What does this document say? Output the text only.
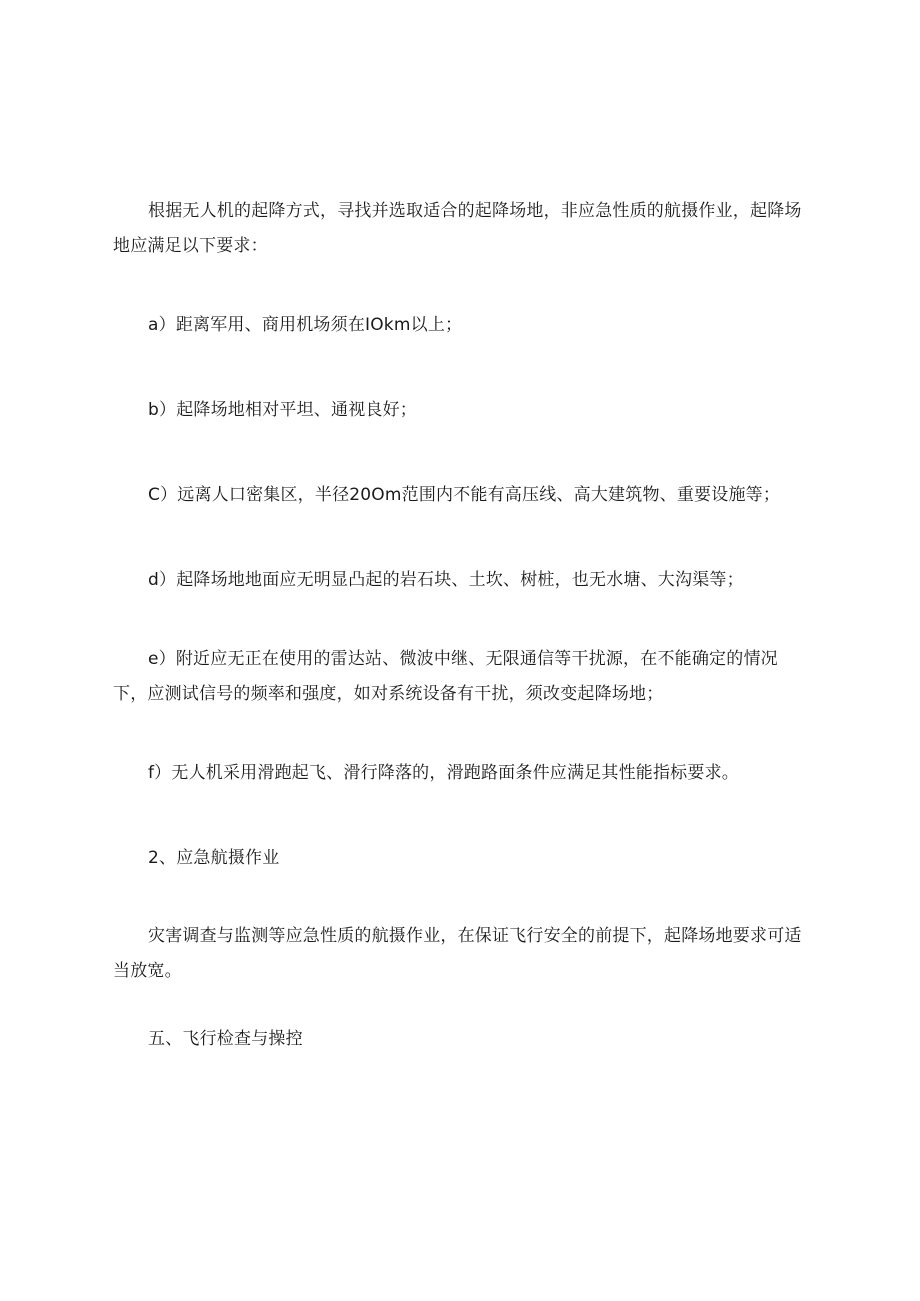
根据无人机的起降方式，寻找并选取适合的起降场地，非应急性质的航摄作业，起降场地应满足以下要求：

a）距离军用、商用机场须在IOkm以上；

b）起降场地相对平坦、通视良好；

C）远离人口密集区，半径20Om范围内不能有高压线、高大建筑物、重要设施等；

d）起降场地地面应无明显凸起的岩石块、土坎、树桩，也无水塘、大沟渠等；

e）附近应无正在使用的雷达站、微波中继、无限通信等干扰源，在不能确定的情况下，应测试信号的频率和强度，如对系统设备有干扰，须改变起降场地；

f）无人机采用滑跑起飞、滑行降落的，滑跑路面条件应满足其性能指标要求。

2、应急航摄作业

灾害调查与监测等应急性质的航摄作业，在保证飞行安全的前提下，起降场地要求可适当放宽。

五、飞行检查与操控
